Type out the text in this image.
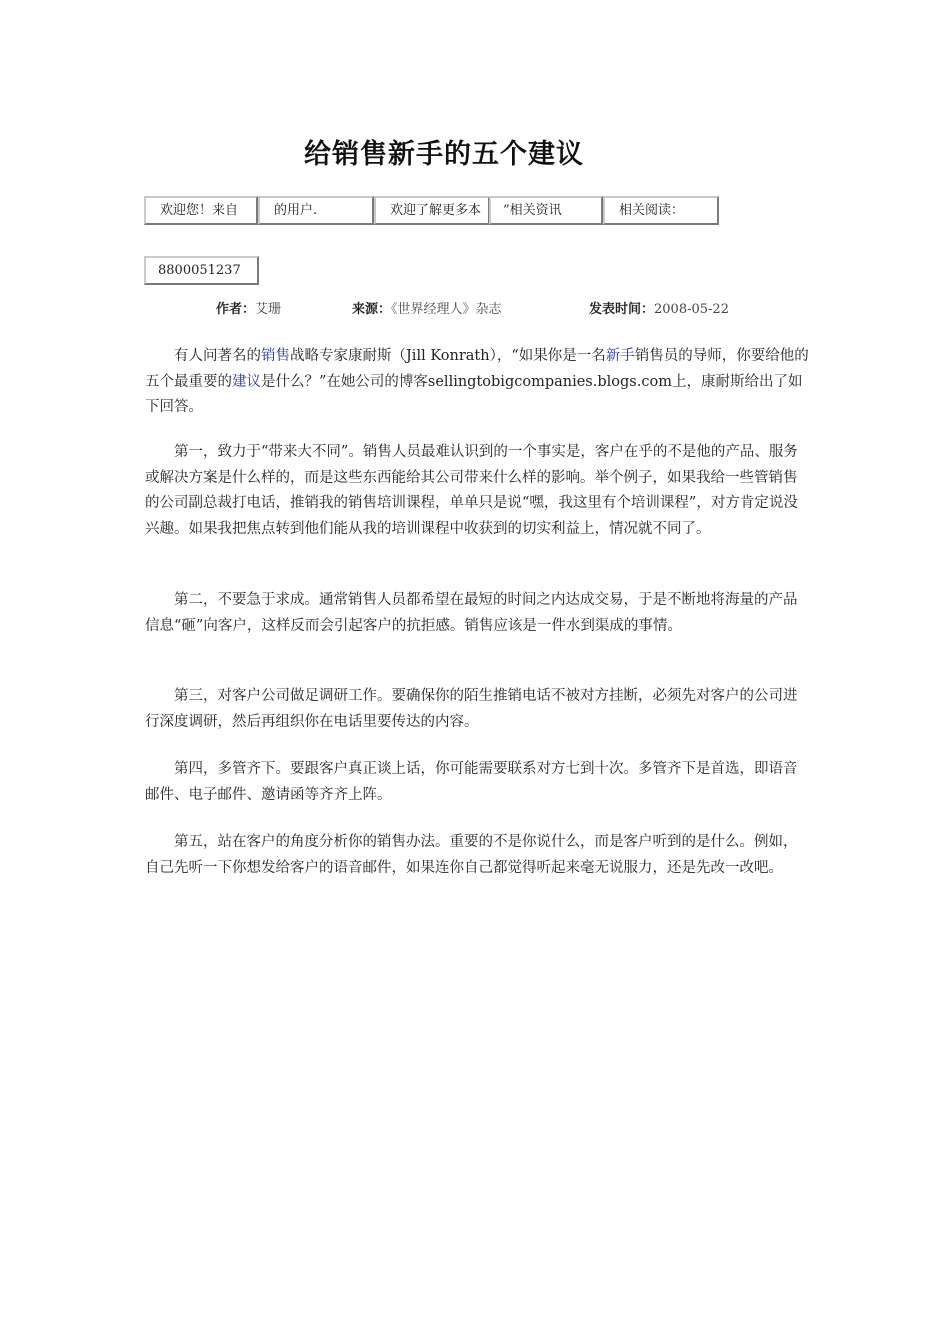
给销售新手的五个建议
欢迎您！来自	的用户.	欢迎了解更多本	”相关资讯	相关阅读：
8800051237
作者：艾珊	来源：《世界经理人》杂志	发表时间：2008-05-22

有人问著名的销售战略专家康耐斯（Jill Konrath），“如果你是一名新手销售员的导师，你要给他的五个最重要的建议是什么？”在她公司的博客sellingtobigcompanies.blogs.com上，康耐斯给出了如下回答。

第一，致力于“带来大不同”。销售人员最难认识到的一个事实是，客户在乎的不是他的产品、服务或解决方案是什么样的，而是这些东西能给其公司带来什么样的影响。举个例子，如果我给一些管销售的公司副总裁打电话，推销我的销售培训课程，单单只是说“嘿，我这里有个培训课程”，对方肯定说没兴趣。如果我把焦点转到他们能从我的培训课程中收获到的切实利益上，情况就不同了。

第二，不要急于求成。通常销售人员都希望在最短的时间之内达成交易，于是不断地将海量的产品信息“砸”向客户，这样反而会引起客户的抗拒感。销售应该是一件水到渠成的事情。

第三，对客户公司做足调研工作。要确保你的陌生推销电话不被对方挂断，必须先对客户的公司进行深度调研，然后再组织你在电话里要传达的内容。

第四，多管齐下。要跟客户真正谈上话，你可能需要联系对方七到十次。多管齐下是首选，即语音邮件、电子邮件、邀请函等齐齐上阵。

第五，站在客户的角度分析你的销售办法。重要的不是你说什么，而是客户听到的是什么。例如，自己先听一下你想发给客户的语音邮件，如果连你自己都觉得听起来毫无说服力，还是先改一改吧。
